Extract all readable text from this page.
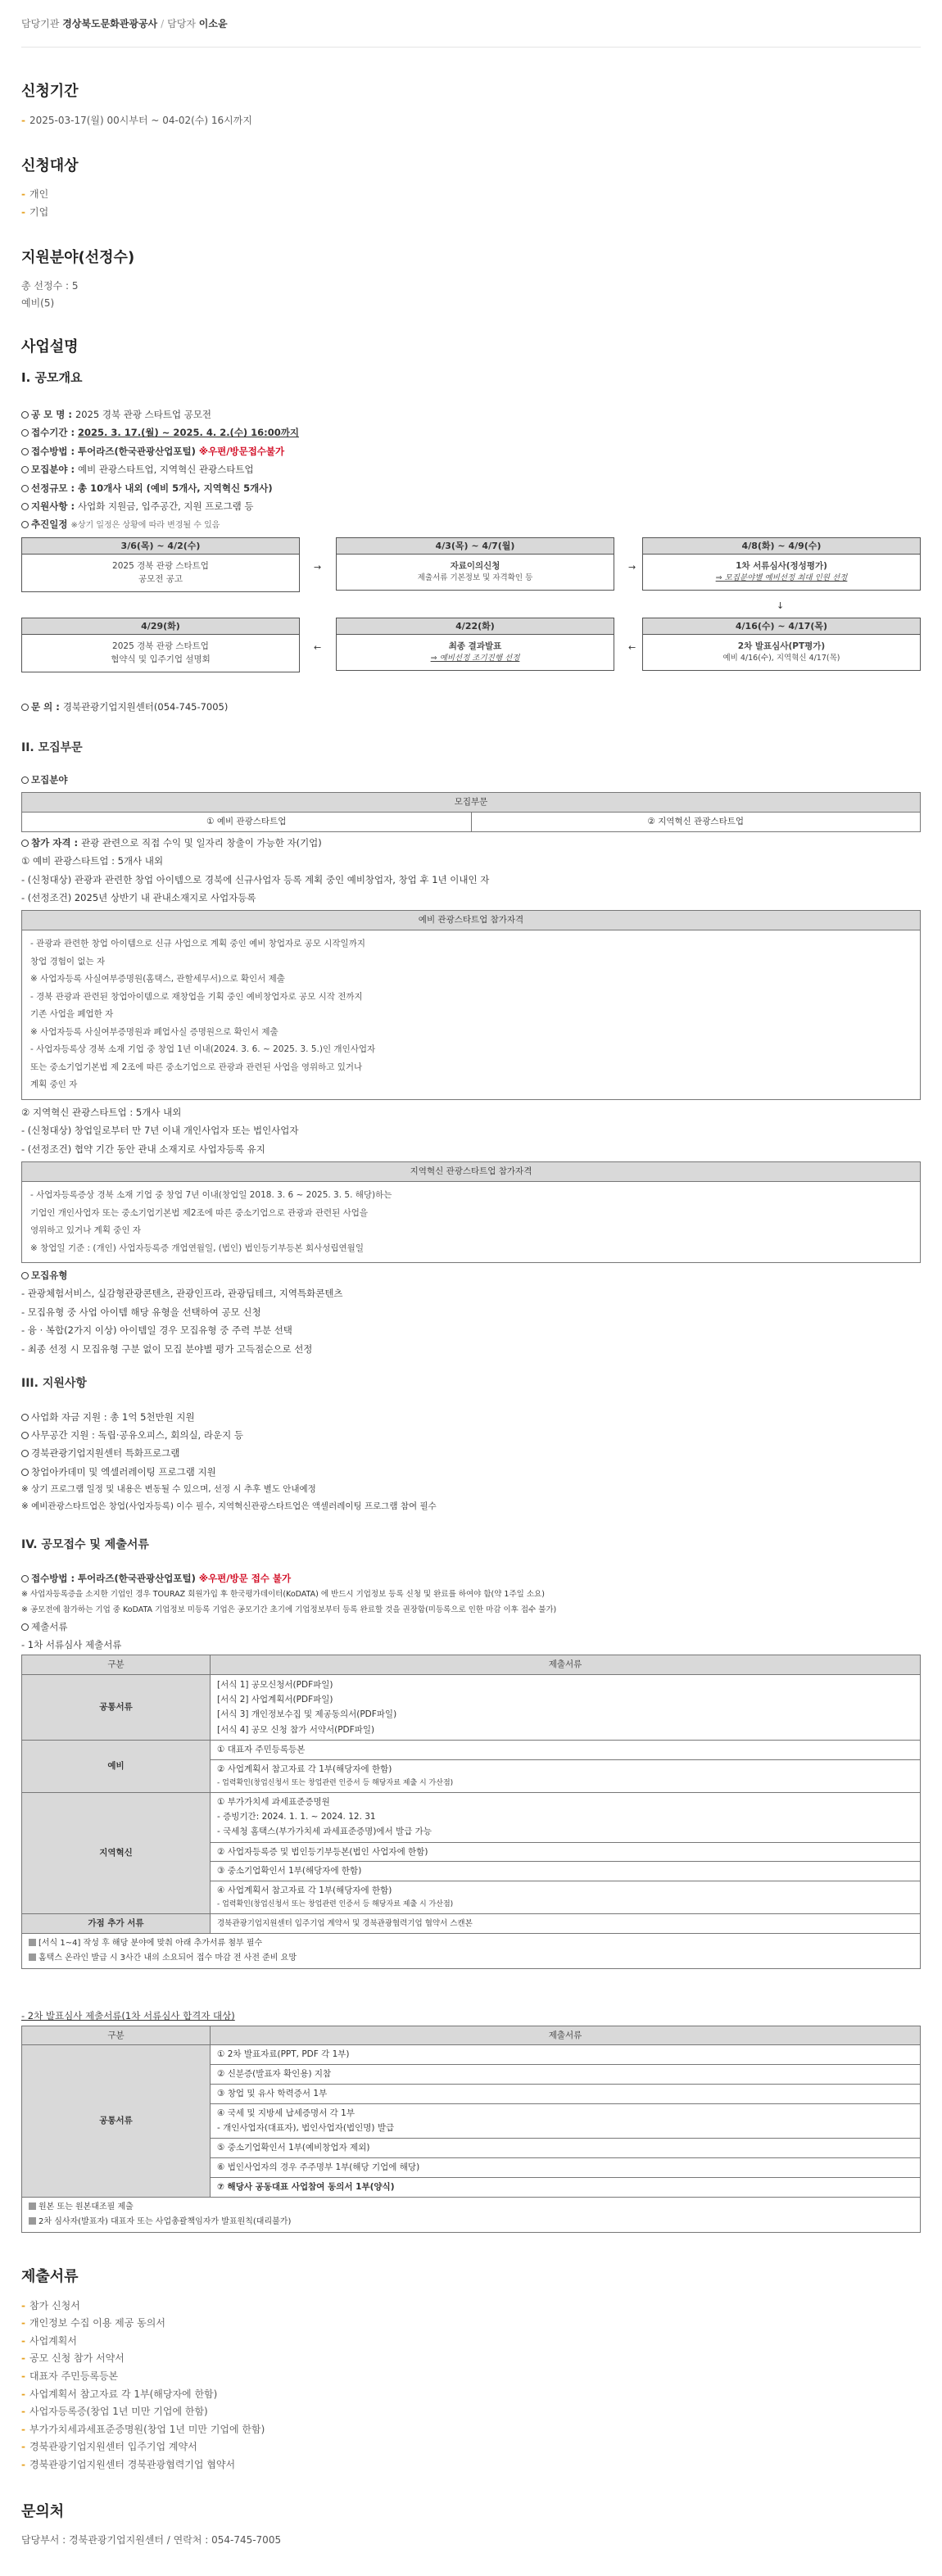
담당기관 경상북도문화관광공사 / 담당자 이소윤
신청기간
- 2025-03-17(월) 00시부터 ~ 04-02(수) 16시까지
신청대상
- 개인
- 기업
지원분야(선정수)
총 선정수 : 5
예비(5)
사업설명
I. 공모개요
공 모 명 : 2025 경북 관광 스타트업 공모전
접수기간 : 2025. 3. 17.(월) ~ 2025. 4. 2.(수) 16:00까지
접수방법 : 투어라즈(한국관광산업포털) ※우편/방문접수불가
모집분야 : 예비 관광스타트업, 지역혁신 관광스타트업
선정규모 : 총 10개사 내외 (예비 5개사, 지역혁신 5개사)
지원사항 : 사업화 지원금, 입주공간, 지원 프로그램 등
추진일정 ※상기 일정은 상황에 따라 변경될 수 있음
3/6(목) ~ 4/2(수)
2025 경북 관광 스타트업
공모전 공고
→
4/3(목) ~ 4/7(월)
자료이의신청
제출서류 기본정보 및 자격확인 등
→
4/8(화) ~ 4/9(수)
1차 서류심사(정성평가)
⇒ 모집분야별 예비선정 최대 인원 선정
↓
4/16(수) ~ 4/17(목)
2차 발표심사(PT평가)
예비 4/16(수), 지역혁신 4/17(목)
←
4/22(화)
최종 결과발표
⇒ 예비선정 조기진행 선정
←
4/29(화)
2025 경북 관광 스타트업
협약식 및 입주기업 설명회
문 의 : 경북관광기업지원센터(054-745-7005)
II. 모집부문
모집분야
모집부문
① 예비 관광스타트업	② 지역혁신 관광스타트업
참가 자격 : 관광 관련으로 직접 수익 및 일자리 창출이 가능한 자(기업)
① 예비 관광스타트업 : 5개사 내외
- (신청대상) 관광과 관련한 창업 아이템으로 경북에 신규사업자 등록 계획 중인 예비창업자, 창업 후 1년 이내인 자
- (선정조건) 2025년 상반기 내 관내소재지로 사업자등록
예비 관광스타트업 참가자격
- 관광과 관련한 창업 아이템으로 신규 사업으로 계획 중인 예비 창업자로 공모 시작일까지
창업 경험이 없는 자
※ 사업자등록 사실여부증명원(홈택스, 관할세무서)으로 확인서 제출
- 경북 관광과 관련된 창업아이템으로 재창업을 기획 중인 예비창업자로 공모 시작 전까지
기존 사업을 폐업한 자
※ 사업자등록 사실여부증명원과 폐업사실 증명원으로 확인서 제출
- 사업자등록상 경북 소재 기업 중 창업 1년 이내(2024. 3. 6. ~ 2025. 3. 5.)인 개인사업자
또는 중소기업기본법 제 2조에 따른 중소기업으로 관광과 관련된 사업을 영위하고 있거나
계획 중인 자
② 지역혁신 관광스타트업 : 5개사 내외
- (신청대상) 창업일로부터 만 7년 이내 개인사업자 또는 법인사업자
- (선정조건) 협약 기간 동안 관내 소재지로 사업자등록 유지
지역혁신 관광스타트업 참가자격
- 사업자등록증상 경북 소재 기업 중 창업 7년 이내(창업일 2018. 3. 6 ~ 2025. 3. 5. 해당)하는
기업인 개인사업자 또는 중소기업기본법 제2조에 따른 중소기업으로 관광과 관련된 사업을
영위하고 있거나 계획 중인 자
※ 창업일 기준 : (개인) 사업자등록증 개업연월일, (법인) 법인등기부등본 회사성립연월일
모집유형
- 관광체험서비스, 실감형관광콘텐츠, 관광인프라, 관광딥테크, 지역특화콘텐츠
- 모집유형 중 사업 아이템 해당 유형을 선택하여 공모 신청
- 융 · 복합(2가지 이상) 아이템일 경우 모집유형 중 주력 부분 선택
- 최종 선정 시 모집유형 구분 없이 모집 분야별 평가 고득점순으로 선정
III. 지원사항
사업화 자금 지원 : 총 1억 5천만원 지원
사무공간 지원 : 독립·공유오피스, 회의실, 라운지 등
경북관광기업지원센터 특화프로그램
창업아카데미 및 엑셀러레이팅 프로그램 지원
※ 상기 프로그램 일정 및 내용은 변동될 수 있으며, 선정 시 추후 별도 안내예정
※ 예비관광스타트업은 창업(사업자등록) 이수 필수, 지역혁신관광스타트업은 액셀러레이팅 프로그램 참여 필수
IV. 공모접수 및 제출서류
접수방법 : 투어라즈(한국관광산업포털) ※우편/방문 접수 불가
※ 사업자등록증을 소지한 기업인 경우 TOURAZ 회원가입 후 한국평가데이터(KoDATA) 에 반드시 기업정보 등록 신청 및 완료를 하여야 함(약 1주일 소요)
※ 공모전에 참가하는 기업 중 KoDATA 기업정보 미등록 기업은 공모기간 초기에 기업정보부터 등록 완료할 것을 권장함(미등록으로 인한 마감 이후 접수 불가)
제출서류
- 1차 서류심사 제출서류
구분	제출서류
공통서류	[서식 1] 공모신청서(PDF파일)
[서식 2] 사업계획서(PDF파일)
[서식 3] 개인정보수집 및 제공동의서(PDF파일)
[서식 4] 공모 신청 참가 서약서(PDF파일)

예비	① 대표자 주민등록등본

	② 사업계획서 참고자료 각 1부(해당자에 한함)
- 업력확인(창업신청서 또는 창업관련 인증서 등 해당자료 제출 시 가산점)

지역혁신	① 부가가치세 과세표준증명원
- 증빙기간: 2024. 1. 1. ~ 2024. 12. 31
- 국세청 홈택스(부가가치세 과세표준증명)에서 발급 가능

	② 사업자등록증 및 법인등기부등본(법인 사업자에 한함)
	③ 중소기업확인서 1부(해당자에 한함)

	④ 사업계획서 참고자료 각 1부(해당자에 한함)
- 업력확인(창업신청서 또는 창업관련 인증서 등 해당자료 제출 시 가산점)

가점 추가 서류	경북관광기업지원센터 입주기업 계약서 및 경북관광협력기업 협약서 스캔본

[서식 1~4] 작성 후 해당 분야에 맞춰 아래 추가서류 첨부 필수
홈택스 온라인 발급 시 3사간 내의 소요되어 접수 마감 전 사전 준비 요망	
- 2차 발표심사 제출서류(1차 서류심사 합격자 대상)
구분	제출서류
공통서류	① 2차 발표자료(PPT, PDF 각 1부)
	② 신분증(발표자 확인용) 지참
	③ 창업 및 유사 학력증서 1부

	④ 국세 및 지방세 납세증명서 각 1부
- 개인사업자(대표자), 법인사업자(법인명) 발급

	⑤ 중소기업확인서 1부(예비창업자 제외)
	⑥ 법인사업자의 경우 주주명부 1부(해당 기업에 해당)
	⑦ 해당사 공동대표 사업참여 동의서 1부(양식)

원본 또는 원본대조필 제출
2차 심사자(발표자) 대표자 또는 사업총괄책임자가 발표원칙(대리불가)	
제출서류
- 참가 신청서
- 개인정보 수집 이용 제공 동의서
- 사업계획서
- 공모 신청 참가 서약서
- 대표자 주민등록등본
- 사업계획서 참고자료 각 1부(해당자에 한함)
- 사업자등록증(창업 1년 미만 기업에 한함)
- 부가가치세과세표준증명원(창업 1년 미만 기업에 한함)
- 경북관광기업지원센터 입주기업 계약서
- 경북관광기업지원센터 경북관광협력기업 협약서
문의처
담당부서 : 경북관광기업지원센터 / 연락처 : 054-745-7005
